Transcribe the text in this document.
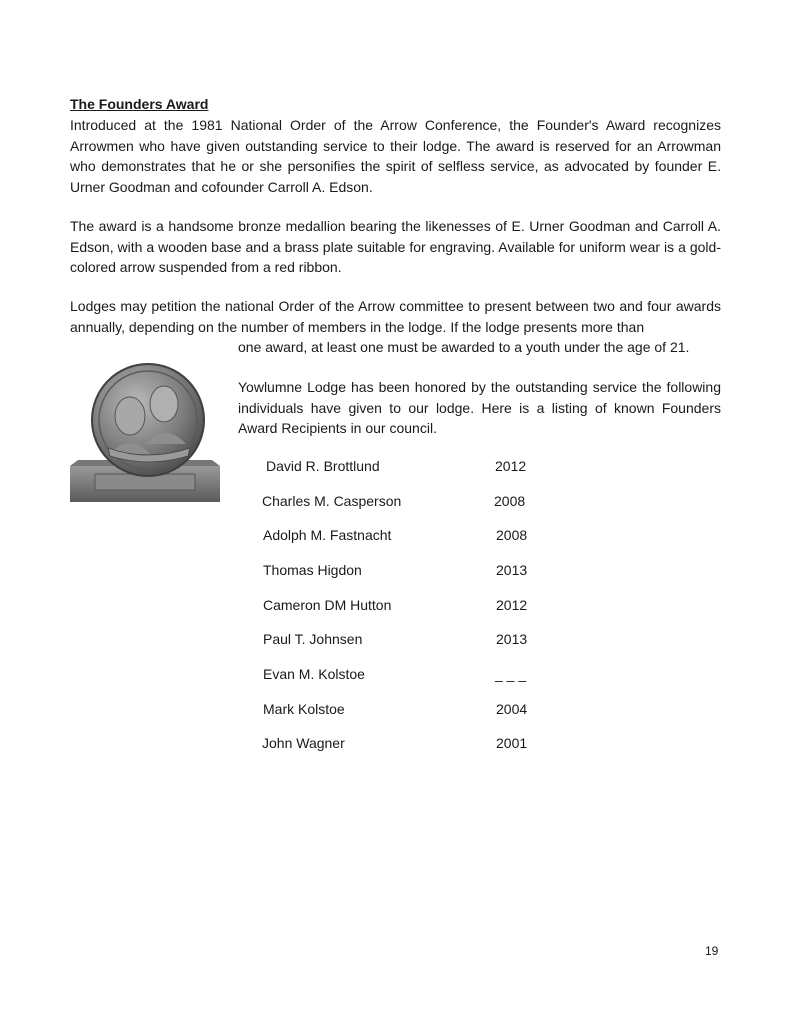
The Founders Award

Introduced at the 1981 National Order of the Arrow Conference, the Founder's Award recognizes Arrowmen who have given outstanding service to their lodge. The award is reserved for an Arrowman who demonstrates that he or she personifies the spirit of selfless service, as advocated by founder E. Urner Goodman and cofounder Carroll A. Edson.

The award is a handsome bronze medallion bearing the likenesses of E. Urner Goodman and Carroll A. Edson, with a wooden base and a brass plate suitable for engraving. Available for uniform wear is a gold-colored arrow suspended from a red ribbon.

Lodges may petition the national Order of the Arrow committee to present between two and four awards annually, depending on the number of members in the lodge. If the lodge presents more than
one award, at least one must be awarded to a youth under the age of 21.

Yowlumne Lodge has been honored by the outstanding service the following individuals have given to our lodge. Here is a listing of known Founders Award Recipients in our council.

David R. Brottlund	2012
Charles M. Casperson	2008
Adolph M. Fastnacht	2008
Thomas Higdon	2013
Cameron DM Hutton	2012
Paul T. Johnsen	2013
Evan M. Kolstoe	_ _ _
Mark Kolstoe	2004
John Wagner	2001
19
